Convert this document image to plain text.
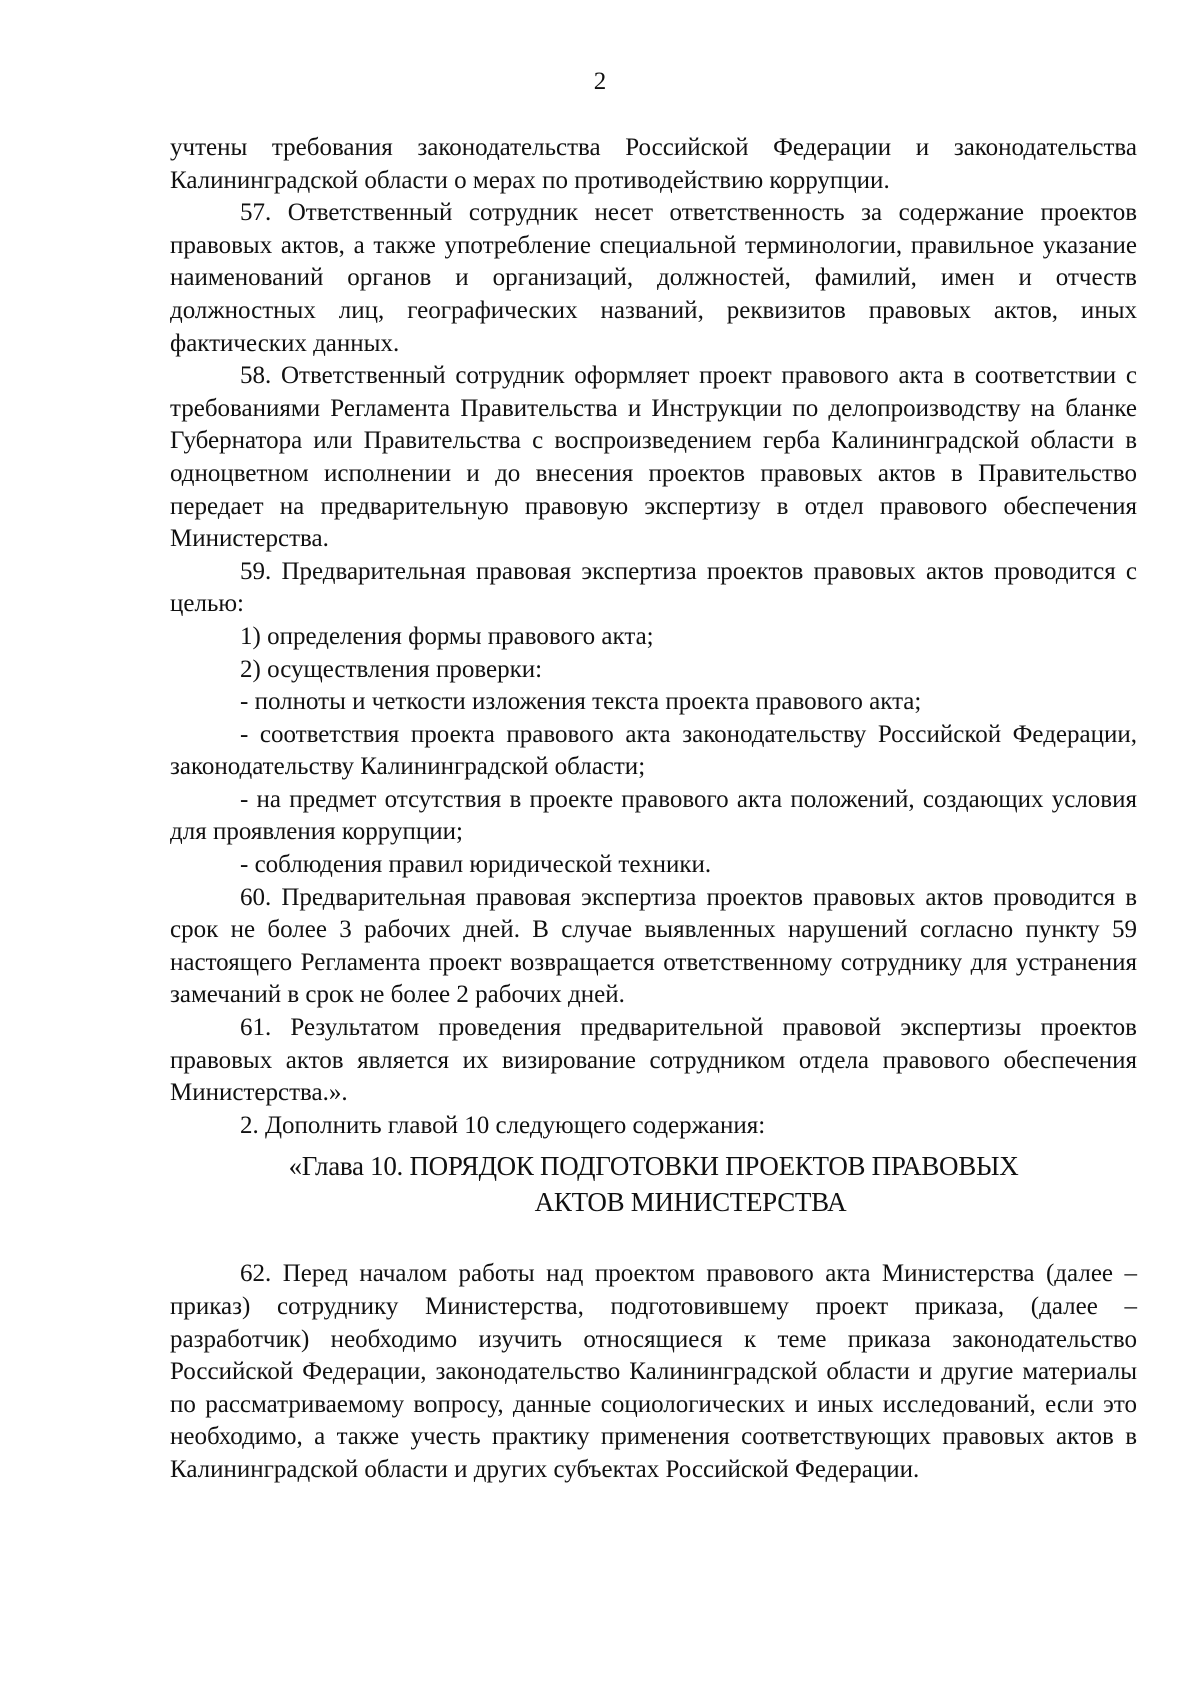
2

учтены требования законодательства Российской Федерации и законодательства Калининградской области о мерах по противодействию коррупции.

57. Ответственный сотрудник несет ответственность за содержание проектов правовых актов, а также употребление специальной терминологии, правильное указание наименований органов и организаций, должностей, фамилий, имен и отчеств должностных лиц, географических названий, реквизитов правовых актов, иных фактических данных.

58. Ответственный сотрудник оформляет проект правового акта в соответствии с требованиями Регламента Правительства и Инструкции по делопроизводству на бланке Губернатора или Правительства с воспроизведением герба Калининградской области в одноцветном исполнении и до внесения проектов правовых актов в Правительство передает на предварительную правовую экспертизу в отдел правового обеспечения Министерства.

59. Предварительная правовая экспертиза проектов правовых актов проводится с целью:

1) определения формы правового акта;

2) осуществления проверки:

- полноты и четкости изложения текста проекта правового акта;

- соответствия проекта правового акта законодательству Российской Федерации, законодательству Калининградской области;

- на предмет отсутствия в проекте правового акта положений, создающих условия для проявления коррупции;

- соблюдения правил юридической техники.

60. Предварительная правовая экспертиза проектов правовых актов проводится в срок не более 3 рабочих дней. В случае выявленных нарушений согласно пункту 59 настоящего Регламента проект возвращается ответственному сотруднику для устранения замечаний в срок не более 2 рабочих дней.

61. Результатом проведения предварительной правовой экспертизы проектов правовых актов является их визирование сотрудником отдела правового обеспечения Министерства.».

2. Дополнить главой 10 следующего содержания:

«Глава 10. ПОРЯДОК ПОДГОТОВКИ ПРОЕКТОВ ПРАВОВЫХ
АКТОВ МИНИСТЕРСТВА

62. Перед началом работы над проектом правового акта Министерства (далее – приказ) сотруднику Министерства, подготовившему проект приказа, (далее – разработчик) необходимо изучить относящиеся к теме приказа законодательство Российской Федерации, законодательство Калининградской области и другие материалы по рассматриваемому вопросу, данные социологических и иных исследований, если это необходимо, а также учесть практику применения соответствующих правовых актов в Калининградской области и других субъектах Российской Федерации.
